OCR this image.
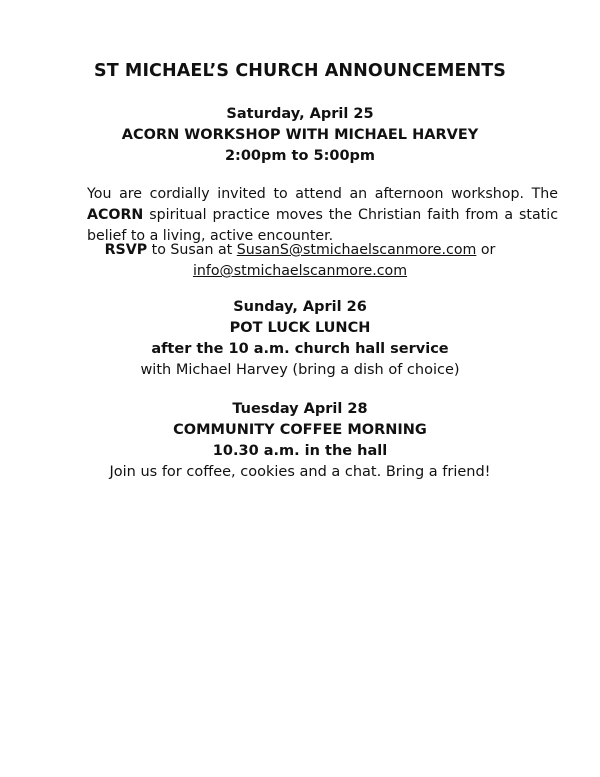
ST MICHAEL’S CHURCH ANNOUNCEMENTS
Saturday, April 25
ACORN WORKSHOP WITH MICHAEL HARVEY
2:00pm to 5:00pm
You are cordially invited to attend an afternoon workshop. The ACORN spiritual practice moves the Christian faith from a static belief to a living, active encounter.
RSVP to Susan at SusanS@stmichaelscanmore.com or
info@stmichaelscanmore.com
Sunday, April 26
POT LUCK LUNCH
after the 10 a.m. church hall service
with Michael Harvey (bring a dish of choice)
Tuesday April 28
COMMUNITY COFFEE MORNING
10.30 a.m. in the hall
Join us for coffee, cookies and a chat. Bring a friend!
